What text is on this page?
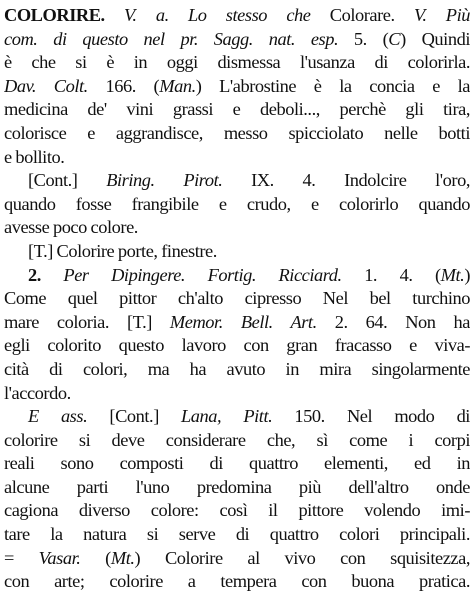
COLORIRE. V. a. Lo stesso che Colorare. V. Più
com. di questo nel pr. Sagg. nat. esp. 5. (C) Quindi
è che si è in oggi dismessa l'usanza di colorirla.
Dav. Colt. 166. (Man.) L'abrostine è la concia e la
medicina de' vini grassi e deboli..., perchè gli tira,
colorisce e aggrandisce, messo spicciolato nelle botti
e bollito.
[Cont.] Biring. Pirot. IX. 4. Indolcire l'oro,
quando fosse frangibile e crudo, e colorirlo quando
avesse poco colore.
[T.] Colorire porte, finestre.
2. Per Dipingere. Fortig. Ricciard. 1. 4. (Mt.)
Come quel pittor ch'alto cipresso Nel bel turchino
mare coloria. [T.] Memor. Bell. Art. 2. 64. Non ha
egli colorito questo lavoro con gran fracasso e viva-
cità di colori, ma ha avuto in mira singolarmente
l'accordo.
E ass. [Cont.] Lana, Pitt. 150. Nel modo di
colorire si deve considerare che, sì come i corpi
reali sono composti di quattro elementi, ed in
alcune parti l'uno predomina più dell'altro onde
cagiona diverso colore: così il pittore volendo imi-
tare la natura si serve di quattro colori principali.
= Vasar. (Mt.) Colorire al vivo con squisitezza,
con arte; colorire a tempera con buona pratica.
